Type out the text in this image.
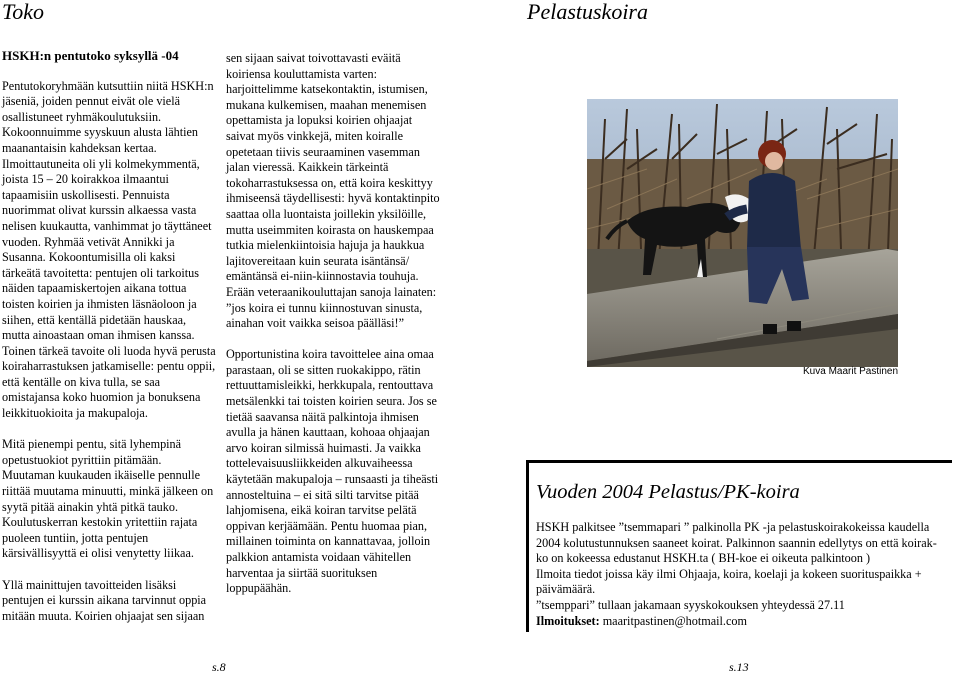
Toko	Pelastuskoira

HSKH:n pentutoko syksyllä -04

Pentutokoryhmään kutsuttiin niitä HSKH:n jäseniä, joiden pennut eivät ole vielä osallistuneet ryhmäkoulutuksiin. Kokoonnuimme syyskuun alusta lähtien maanantaisin kahdeksan kertaa. Ilmoittautuneita oli yli kolmekymmentä, joista 15 – 20 koirakkoa ilmaantui tapaamisiin uskollisesti. Pennuista nuorimmat olivat kurssin alkaessa vasta nelisen kuukautta, vanhimmat jo täyttäneet vuoden. Ryhmää vetivät Annikki ja Susanna. Kokoontumisilla oli kaksi tärkeätä tavoitetta: pentujen oli tarkoitus näiden tapaamiskertojen aikana tottua toisten koirien ja ihmisten läsnäoloon ja siihen, että kentällä pidetään hauskaa, mutta ainoastaan oman ihmisen kanssa. Toinen tärkeä tavoite oli luoda hyvä perusta koiraharrastuksen jatkamiselle: pentu oppii, että kentälle on kiva tulla, se saa omistajansa koko huomion ja bonuksena leikkituokioita ja makupaloja.

Mitä pienempi pentu, sitä lyhempinä opetustuokiot pyrittiin pitämään. Muutaman kuukauden ikäiselle pennulle riittää muutama minuutti, minkä jälkeen on syytä pitää ainakin yhtä pitkä tauko. Koulutuskerran kestokin yritettiin rajata puoleen tuntiin, jotta pentujen kärsivällisyyttä ei olisi venytetty liikaa.

Yllä mainittujen tavoitteiden lisäksi pentujen ei kurssin aikana tarvinnut oppia mitään muuta. Koirien ohjaajat sen sijaan

sen sijaan saivat toivottavasti eväitä koiriensa kouluttamista varten: harjoittelimme katsekontaktin, istumisen, mukana kulkemisen, maahan menemisen opettamista ja lopuksi koirien ohjaajat saivat myös vinkkejä, miten koiralle opetetaan tiivis seuraaminen vasemman jalan vieressä. Kaikkein tärkeintä tokoharrastuksessa on, että koira keskittyy ihmiseensä täydellisesti: hyvä kontaktinpito saattaa olla luontaista joillekin yksilöille, mutta useimmiten koirasta on hauskempaa tutkia mielenkiintoisia hajuja ja haukkua lajitovereitaan kuin seurata isäntänsä/ emäntänsä ei-niin-kiinnostavia touhuja. Erään veteraanikouluttajan sanoja lainaten: ”jos koira ei tunnu kiinnostuvan sinusta, ainahan voit vaikka seisoa päälläsi!”

Opportunistina koira tavoittelee aina omaa parastaan, oli se sitten ruokakippo, rätin rettuuttamisleikki, herkkupala, rentouttava metsälenkki tai toisten koirien seura. Jos se tietää saavansa näitä palkintoja ihmisen avulla ja hänen kauttaan, kohoaa ohjaajan arvo koiran silmissä huimasti. Ja vaikka tottelevaisuusliikkeiden alkuvaiheessa käytetään makupaloja – runsaasti ja tiheästi annosteltuina – ei sitä silti tarvitse pitää lahjomisena, eikä koiran tarvitse pelätä oppivan kerjäämään. Pentu huomaa pian, millainen toiminta on kannattavaa, jolloin palkkion antamista voidaan vähitellen harventaa ja siirtää suorituksen loppupäähän.

Kuva Maarit Pastinen
Vuoden 2004 Pelastus/PK-koira
HSKH palkitsee ”tsemmapari ” palkinolla PK -ja pelastuskoirakokeissa kaudella 2004 kolutustunnuksen saaneet koirat. Palkinnon saannin edellytys on että koirak-ko on kokeessa edustanut HSKH.ta ( BH-koe ei oikeuta palkintoon )
Ilmoita tiedot joissa käy ilmi Ohjaaja, koira, koelaji ja kokeen suorituspaikka + päivämäärä.
”tsemppari” tullaan jakamaan syyskokouksen yhteydessä 27.11
Ilmoitukset: maaritpastinen@hotmail.com
s.8	s.13
